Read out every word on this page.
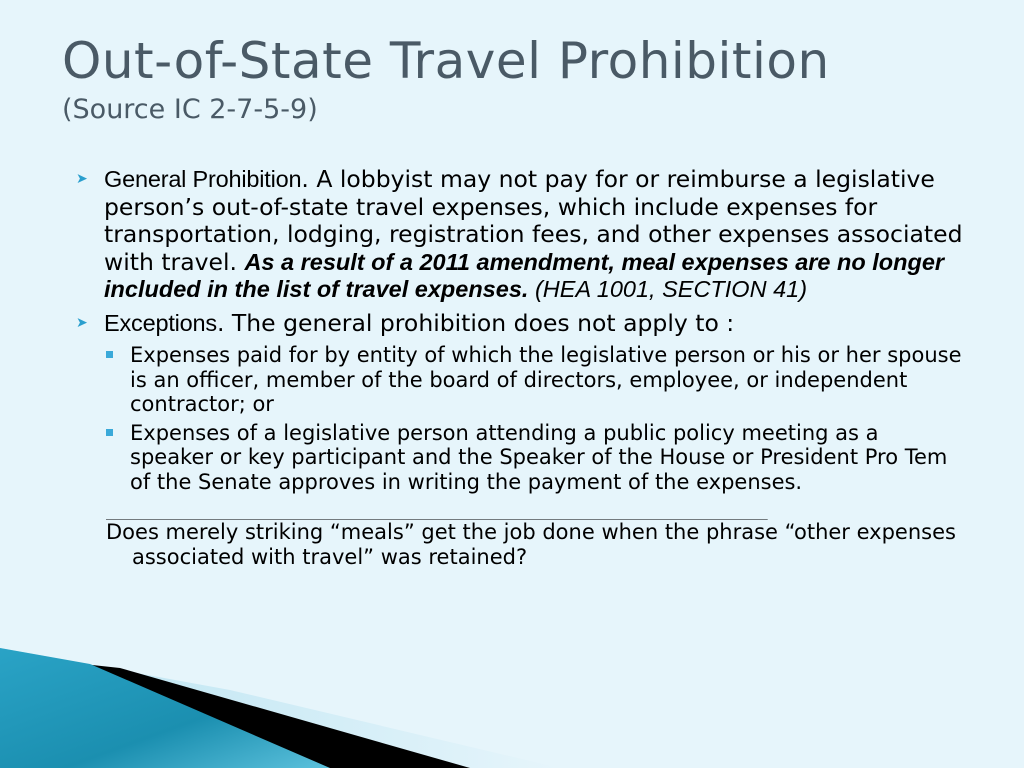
Out-of-State Travel Prohibition
(Source IC 2-7-5-9)
➤ General Prohibition. A lobbyist may not pay for or reimburse a legislative person’s out-of-state travel expenses, which include expenses for transportation, lodging, registration fees, and other expenses associated with travel. As a result of a 2011 amendment, meal expenses are no longer included in the list of travel expenses. (HEA 1001, SECTION 41)
➤ Exceptions. The general prohibition does not apply to :
Expenses paid for by entity of which the legislative person or his or her spouse is an officer, member of the board of directors, employee, or independent contractor; or
Expenses of a legislative person attending a public policy meeting as a speaker or key participant and the Speaker of the House or President Pro Tem of the Senate approves in writing the payment of the expenses.
_______________________________________________________________
Does merely striking “meals” get the job done when the phrase “other expenses associated with travel” was retained?
